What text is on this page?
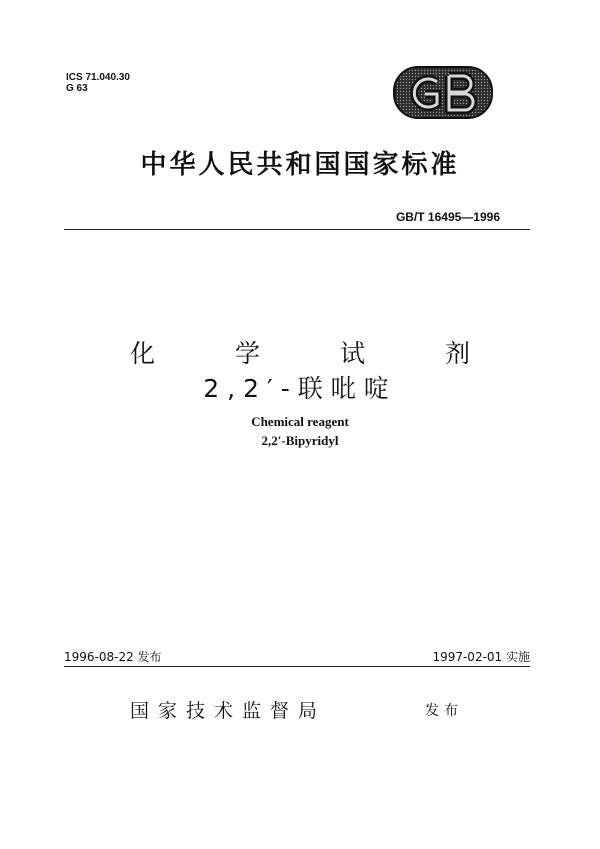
ICS 71.040.30
G 63
中华人民共和国国家标准
GB/T 16495—1996
化	学	试	剂
2,2′-联吡啶
Chemical reagent
2,2′-Bipyridyl
1996-08-22 发布	1997-02-01 实施
国家技术监督局	发布
